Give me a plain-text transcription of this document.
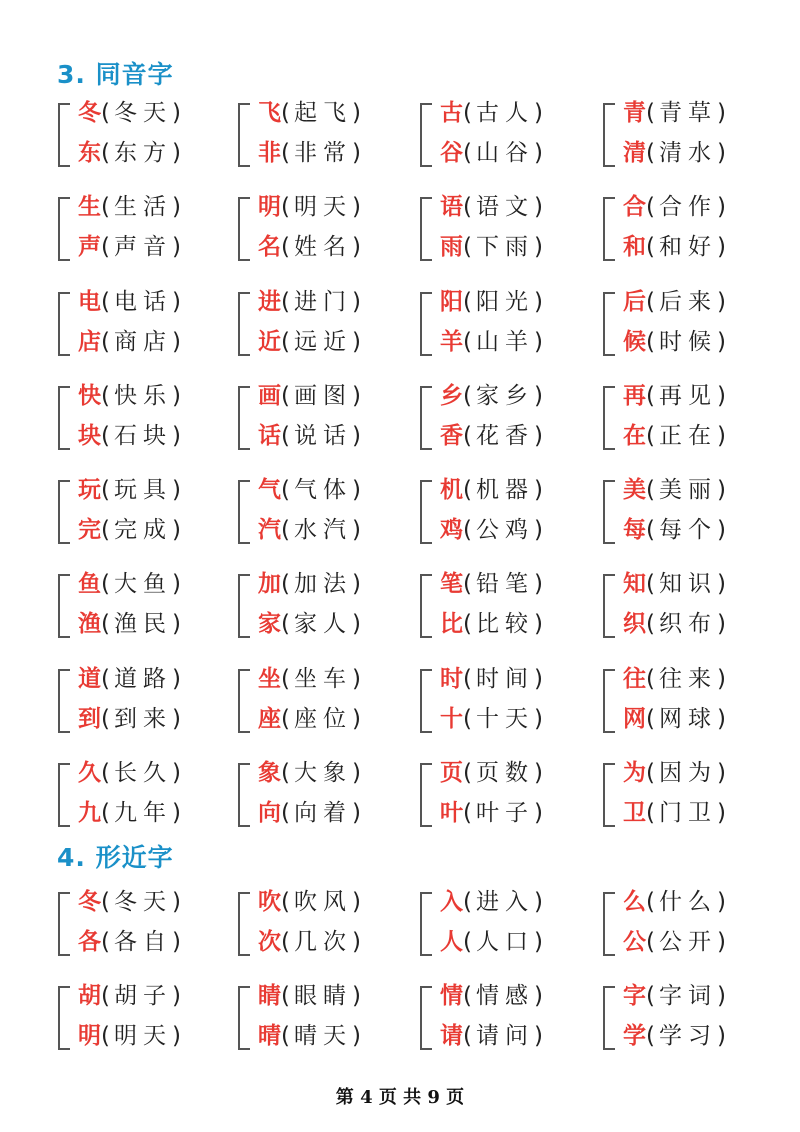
3. 同音字
冬( 冬天)
东( 东方)
飞( 起飞)
非( 非常)
古( 古人)
谷( 山谷)
青( 青草)
清( 清水)
生( 生活)
声( 声音)
明( 明天)
名( 姓名)
语( 语文)
雨( 下雨)
合( 合作)
和( 和好)
电( 电话)
店( 商店)
进( 进门)
近( 远近)
阳( 阳光)
羊( 山羊)
后( 后来)
候( 时候)
快( 快乐)
块( 石块)
画( 画图)
话( 说话)
乡( 家乡)
香( 花香)
再( 再见)
在( 正在)
玩( 玩具)
完( 完成)
气( 气体)
汽( 水汽)
机( 机器)
鸡( 公鸡)
美( 美丽)
每( 每个)
鱼( 大鱼)
渔( 渔民)
加( 加法)
家( 家人)
笔( 铅笔)
比( 比较)
知( 知识)
织( 织布)
道( 道路)
到( 到来)
坐( 坐车)
座( 座位)
时( 时间)
十( 十天)
往( 往来)
网( 网球)
久( 长久)
九( 九年)
象( 大象)
向( 向着)
页( 页数)
叶( 叶子)
为( 因为)
卫( 门卫)
4. 形近字
冬( 冬天)
各( 各自)
吹( 吹风)
次( 几次)
入( 进入)
人( 人口)
么( 什么)
公( 公开)
胡( 胡子)
明( 明天)
睛( 眼睛)
晴( 晴天)
情( 情感)
请( 请问)
字( 字词)
学( 学习)
第 4 页 共 9 页
